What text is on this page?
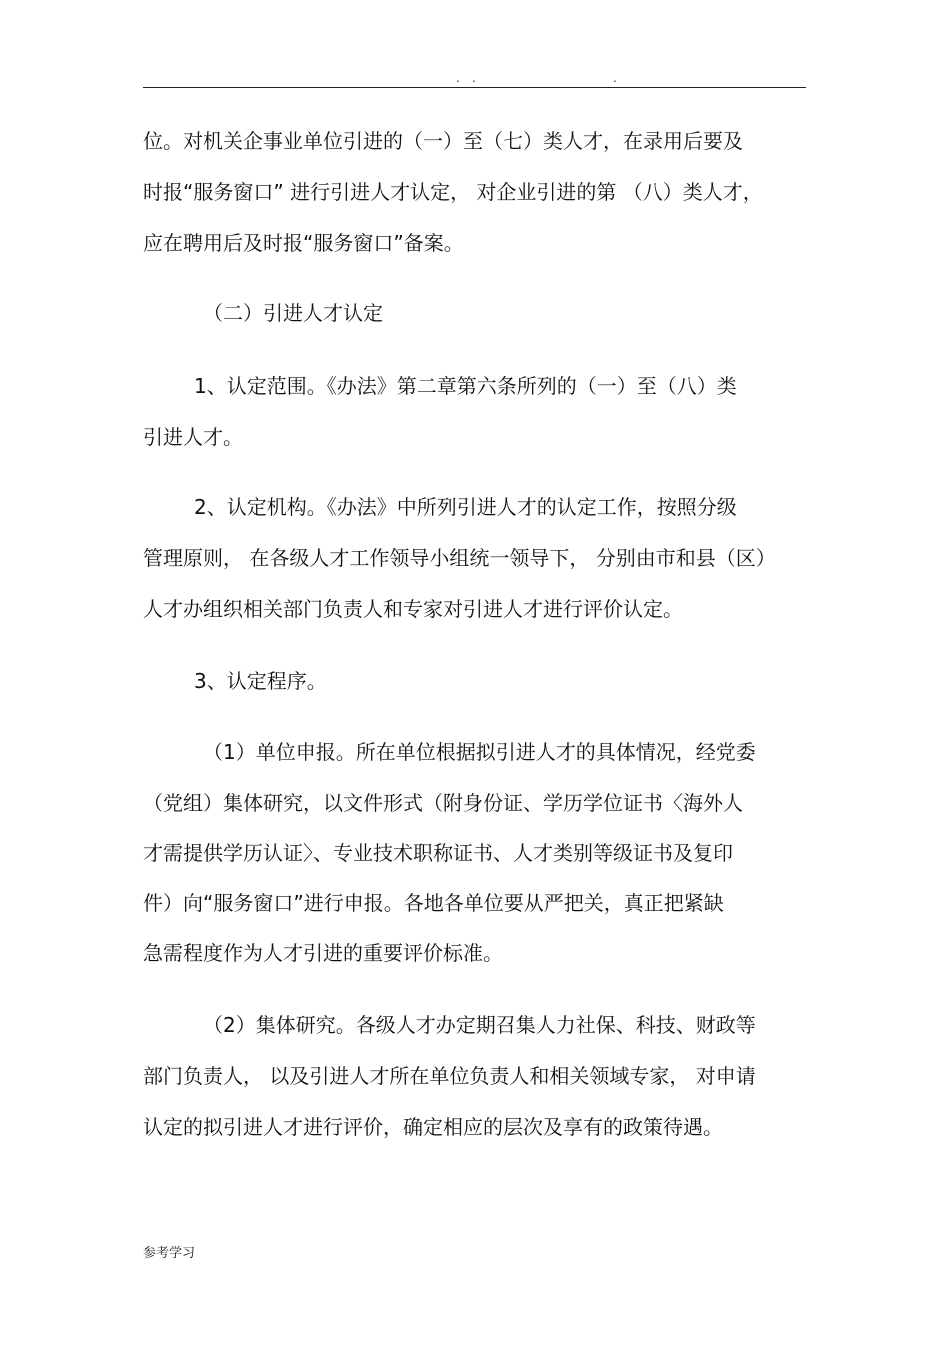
. .	.
位。对机关企事业单位引进的（一）至（七）类人才，在录用后要及
时报“服务窗口” 进行引进人才认定， 对企业引进的第 （八）类人才，
应在聘用后及时报“服务窗口”备案。
（二）引进人才认定
1、认定范围。《办法》第二章第六条所列的（一）至（八）类
引进人才。
2、认定机构。《办法》中所列引进人才的认定工作，按照分级
管理原则， 在各级人才工作领导小组统一领导下， 分别由市和县（区）
人才办组织相关部门负责人和专家对引进人才进行评价认定。
3、认定程序。
（1）单位申报。所在单位根据拟引进人才的具体情况，经党委
（党组）集体研究，以文件形式（附身份证、学历学位证书〈海外人
才需提供学历认证〉、专业技术职称证书、人才类别等级证书及复印
件）向“服务窗口”进行申报。各地各单位要从严把关，真正把紧缺
急需程度作为人才引进的重要评价标准。
（2）集体研究。各级人才办定期召集人力社保、科技、财政等
部门负责人， 以及引进人才所在单位负责人和相关领域专家， 对申请
认定的拟引进人才进行评价，确定相应的层次及享有的政策待遇。
参考学习
